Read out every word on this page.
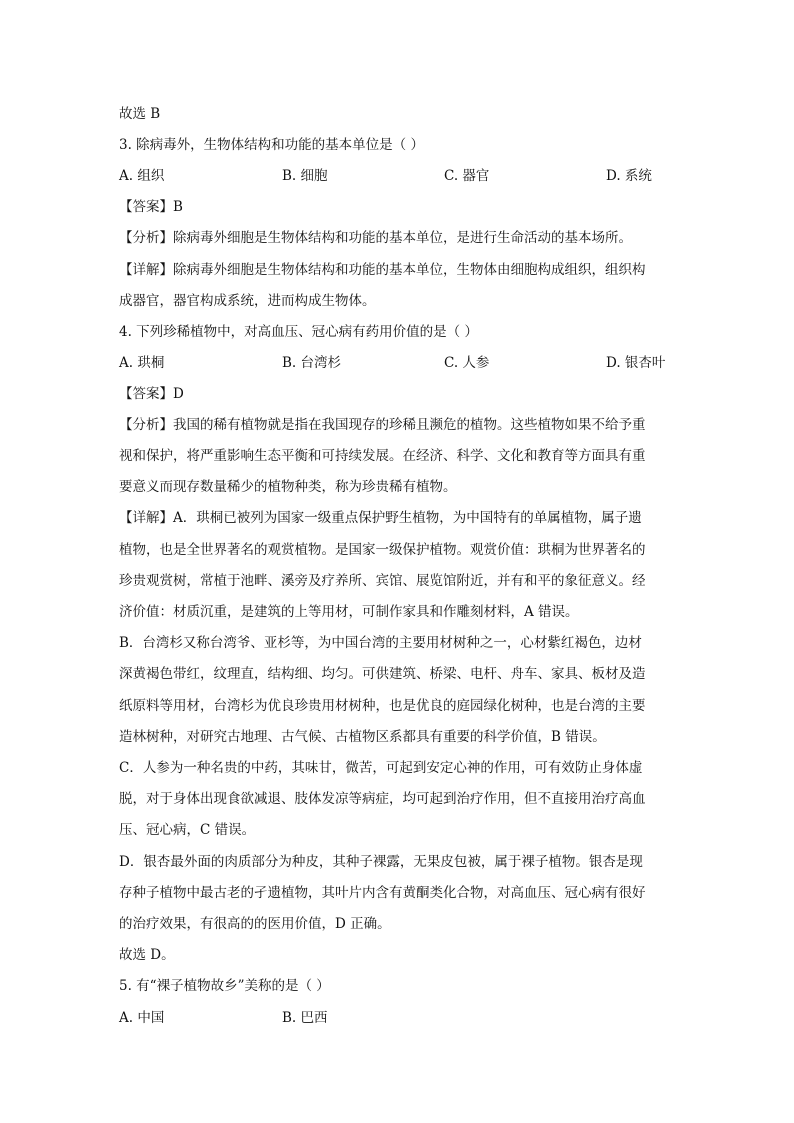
故选 B
3. 除病毒外，生物体结构和功能的基本单位是（ ）
A. 组织	B. 细胞	C. 器官	D. 系统
【答案】B
【分析】除病毒外细胞是生物体结构和功能的基本单位，是进行生命活动的基本场所。
【详解】除病毒外细胞是生物体结构和功能的基本单位，生物体由细胞构成组织，组织构
成器官，器官构成系统，进而构成生物体。
4. 下列珍稀植物中，对高血压、冠心病有药用价值的是（ ）
A. 珙桐	B. 台湾杉	C. 人参	D. 银杏叶
【答案】D
【分析】我国的稀有植物就是指在我国现存的珍稀且濒危的植物。这些植物如果不给予重
视和保护，将严重影响生态平衡和可持续发展。在经济、科学、文化和教育等方面具有重
要意义而现存数量稀少的植物种类，称为珍贵稀有植物。
【详解】A．珙桐已被列为国家一级重点保护野生植物，为中国特有的单属植物，属子遗
植物，也是全世界著名的观赏植物。是国家一级保护植物。观赏价值：珙桐为世界著名的
珍贵观赏树，常植于池畔、溪旁及疗养所、宾馆、展览馆附近，并有和平的象征意义。经
济价值：材质沉重，是建筑的上等用材，可制作家具和作雕刻材料，A 错误。
B．台湾杉又称台湾爷、亚杉等，为中国台湾的主要用材树种之一，心材紫红褐色，边材
深黄褐色带红，纹理直，结构细、均匀。可供建筑、桥梁、电杆、舟车、家具、板材及造
纸原料等用材，台湾杉为优良珍贵用材树种，也是优良的庭园绿化树种，也是台湾的主要
造林树种，对研究古地理、古气候、古植物区系都具有重要的科学价值，B 错误。
C．人参为一种名贵的中药，其味甘，微苦，可起到安定心神的作用，可有效防止身体虚
脱，对于身体出现食欲减退、肢体发凉等病症，均可起到治疗作用，但不直接用治疗高血
压、冠心病，C 错误。
D．银杏最外面的肉质部分为种皮，其种子裸露，无果皮包被，属于裸子植物。银杏是现
存种子植物中最古老的孑遗植物，其叶片内含有黄酮类化合物，对高血压、冠心病有很好
的治疗效果，有很高的的医用价值，D 正确。
故选 D。
5. 有“裸子植物故乡”美称的是（ ）
A. 中国	B. 巴西
